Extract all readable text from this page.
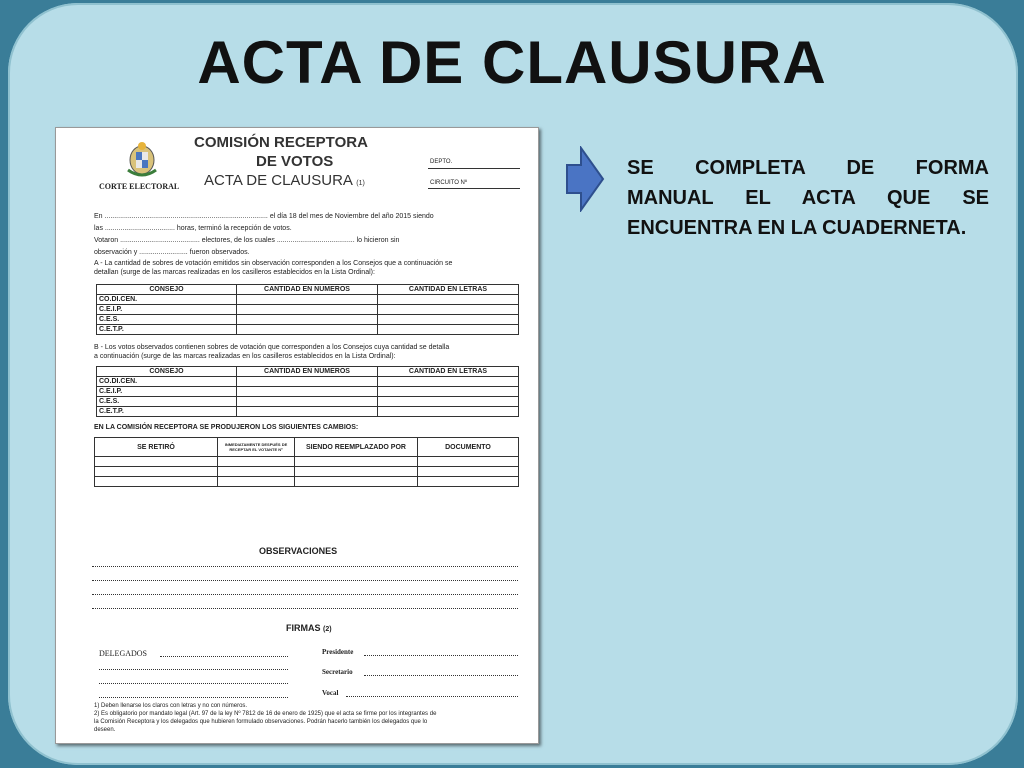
ACTA DE CLAUSURA
CORTE ELECTORAL
COMISIÓN RECEPTORA
DE VOTOS
ACTA DE CLAUSURA (1)
DEPTO.
CIRCUITO Nº
En .................................................................................... el día 18 del mes de Noviembre del año 2015 siendo
las .................................... horas, terminó la recepción de votos.
Votaron ......................................... electores, de los cuales ........................................ lo hicieron sin
observación y ......................... fueron observados.
A - La cantidad de sobres de votación emitidos sin observación corresponden a los Consejos que a continuación se
detallan (surge de las marcas realizadas en los casilleros establecidos en la Lista Ordinal):
CONSEJO	CANTIDAD EN NUMEROS	CANTIDAD EN LETRAS
CO.DI.CEN.		
C.E.I.P.		
C.E.S.		
C.E.T.P.		
B - Los votos observados contienen sobres de votación que corresponden a los Consejos cuya cantidad se detalla
a continuación (surge de las marcas realizadas en los casilleros establecidos en la Lista Ordinal):
CONSEJO	CANTIDAD EN NUMEROS	CANTIDAD EN LETRAS
CO.DI.CEN.		
C.E.I.P.		
C.E.S.		
C.E.T.P.		
EN LA COMISIÓN RECEPTORA SE PRODUJERON LOS SIGUIENTES CAMBIOS:
SE RETIRÓ	INMEDIATAMENTE DESPUÉS DE RECEPTAR EL VOTANTE Nº	SIENDO REEMPLAZADO POR	DOCUMENTO

OBSERVACIONES
FIRMAS (2)
DELEGADOS	Presidente
Secretario
Vocal
1) Deben llenarse los claros con letras y no con números.
2) Es obligatorio por mandato legal (Art. 97 de la ley Nº 7812 de 16 de enero de 1925) que el acta se firme por los integrantes de
la Comisión Receptora y los delegados que hubieren formulado observaciones. Podrán hacerlo también los delegados que lo
deseen.
SE COMPLETA DE FORMA
MANUAL EL ACTA QUE SE
ENCUENTRA EN LA CUADERNETA.
